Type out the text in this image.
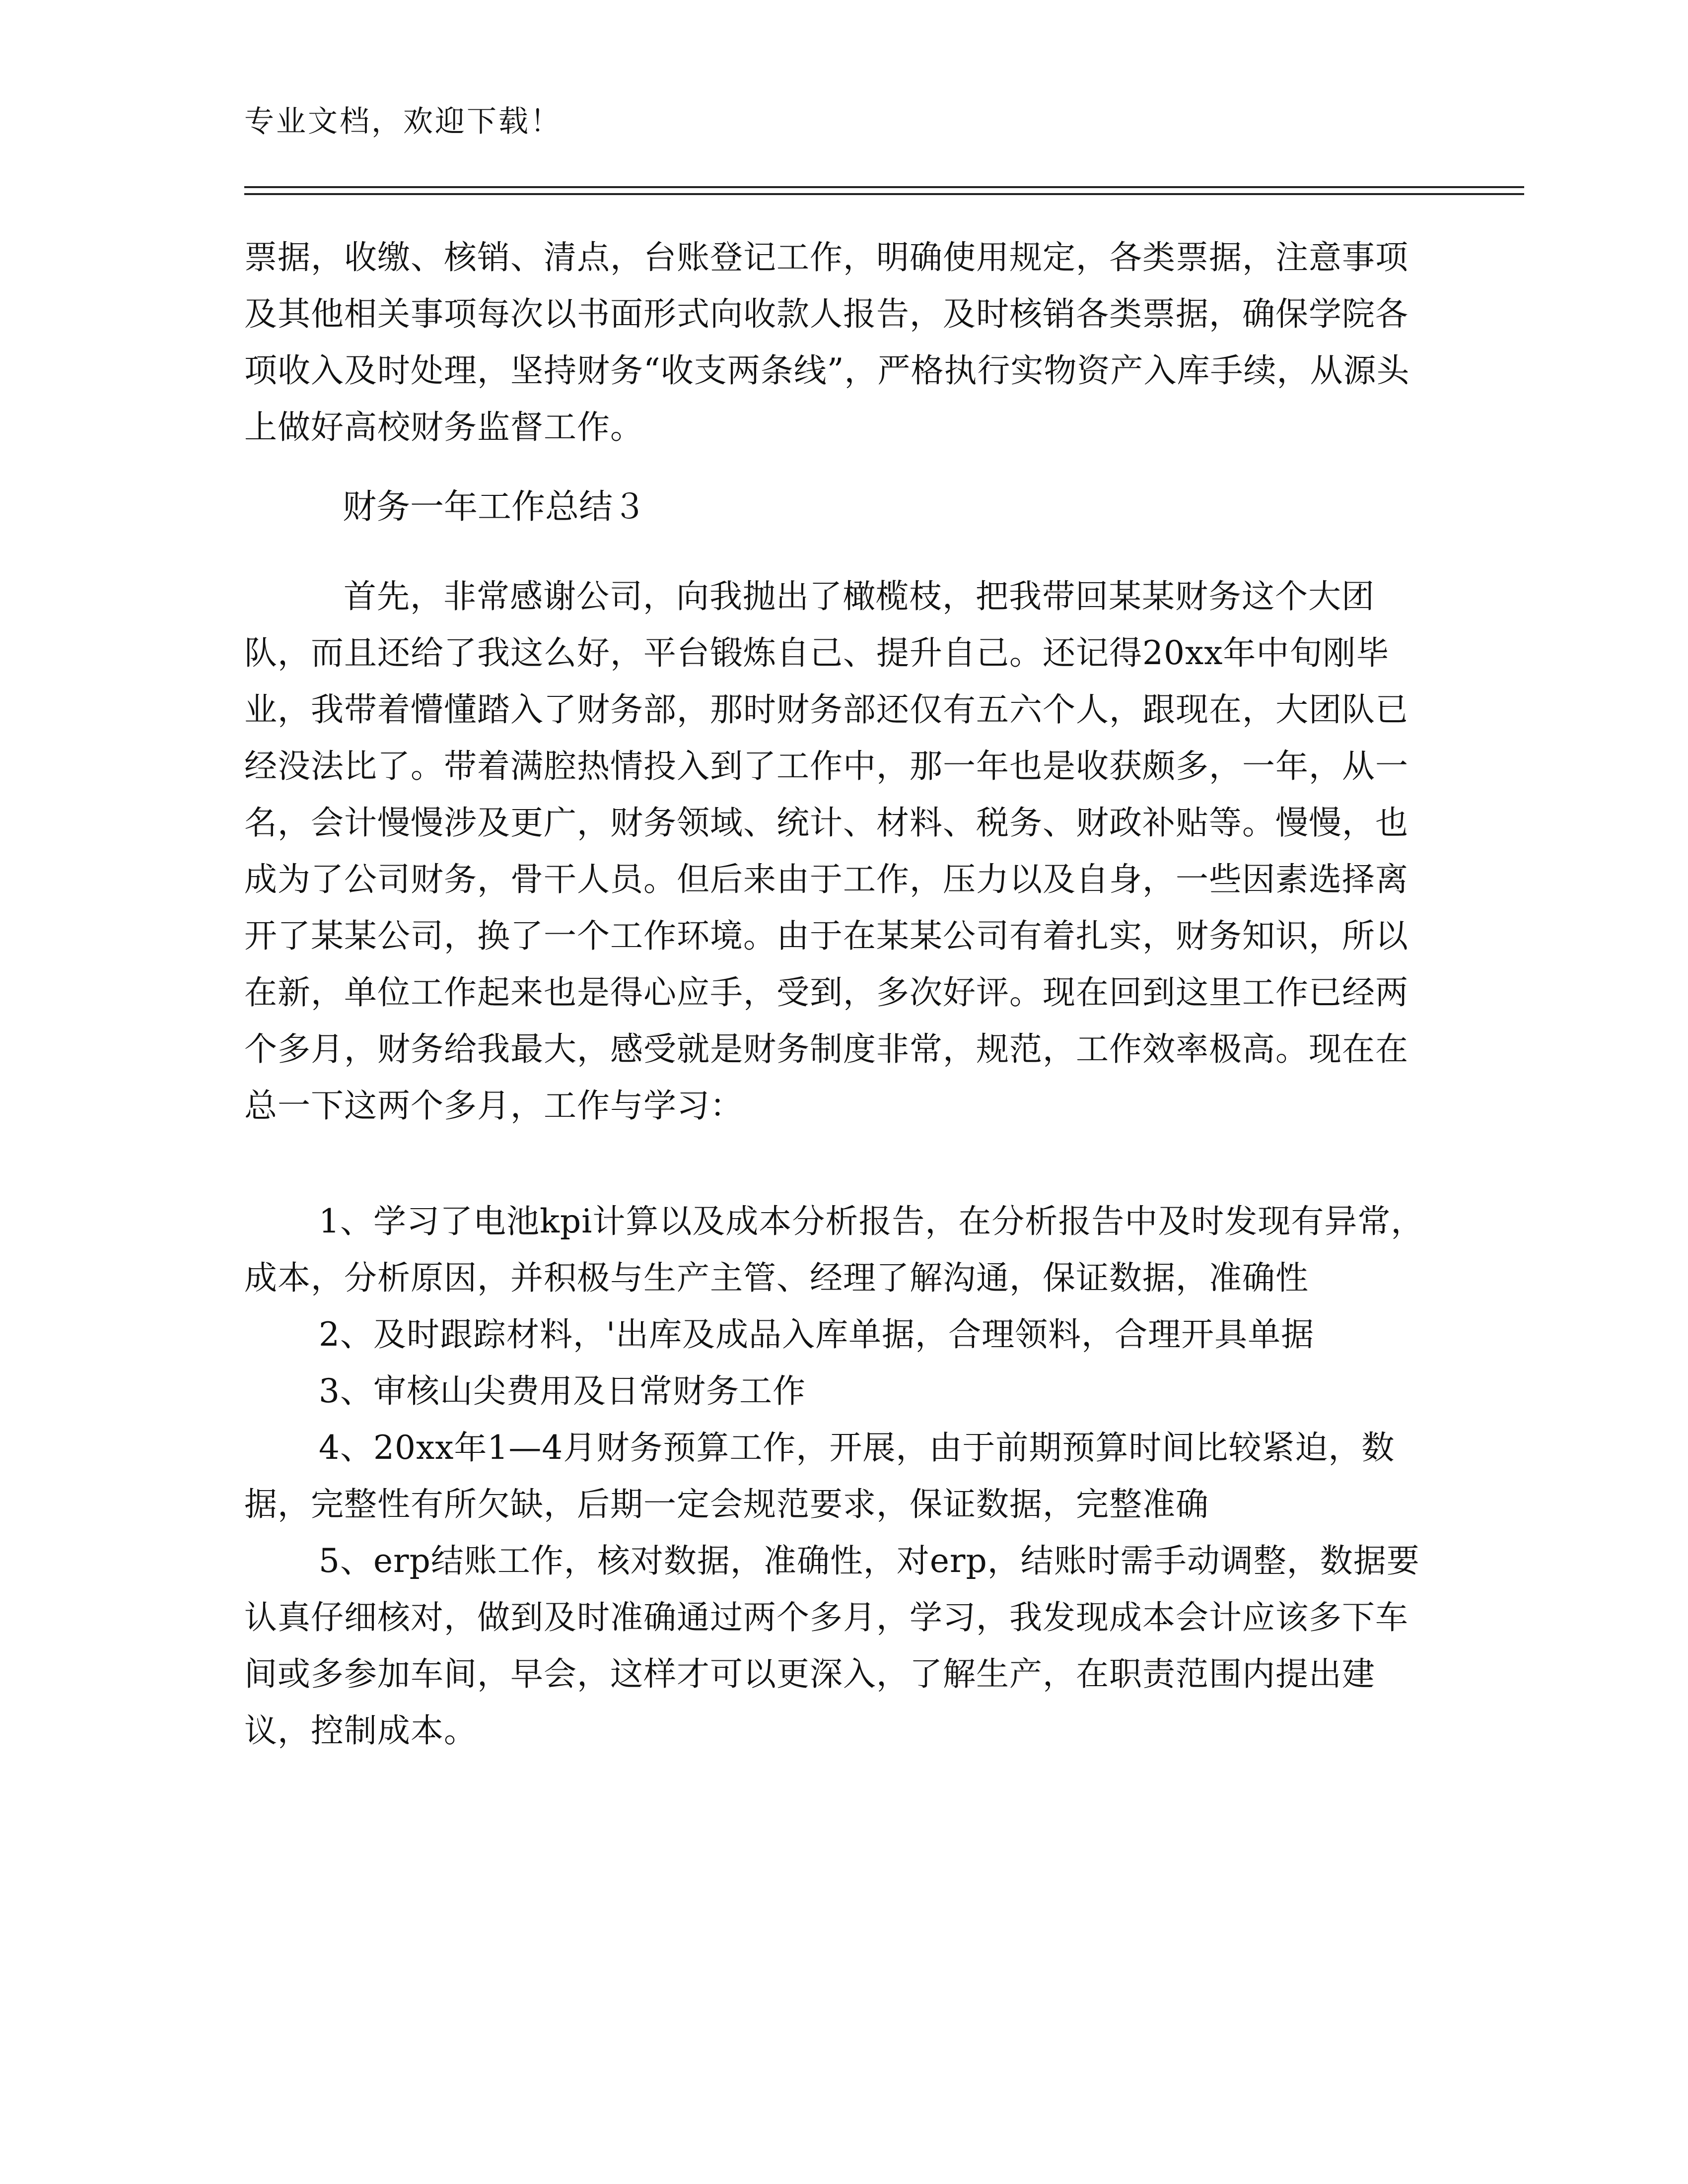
专业文档，欢迎下载！

票据，收缴、核销、清点，台账登记工作，明确使用规定，各类票据，注意事项及其他相关事项每次以书面形式向收款人报告，及时核销各类票据，确保学院各项收入及时处理，坚持财务“收支两条线”，严格执行实物资产入库手续，从源头上做好高校财务监督工作。

财务一年工作总结３

首先，非常感谢公司，向我抛出了橄榄枝，把我带回某某财务这个大团队，而且还给了我这么好，平台锻炼自己、提升自己。还记得20xx年中旬刚毕业，我带着懵懂踏入了财务部，那时财务部还仅有五六个人，跟现在，大团队已经没法比了。带着满腔热情投入到了工作中，那一年也是收获颇多，一年，从一名，会计慢慢涉及更广，财务领域、统计、材料、税务、财政补贴等。慢慢，也成为了公司财务，骨干人员。但后来由于工作，压力以及自身，一些因素选择离开了某某公司，换了一个工作环境。由于在某某公司有着扎实，财务知识，所以在新，单位工作起来也是得心应手，受到，多次好评。现在回到这里工作已经两个多月，财务给我最大，感受就是财务制度非常，规范，工作效率极高。现在在总一下这两个多月，工作与学习：

1、学习了电池kpi计算以及成本分析报告，在分析报告中及时发现有异常，成本，分析原因，并积极与生产主管、经理了解沟通，保证数据，准确性

2、及时跟踪材料，'出库及成品入库单据，合理领料，合理开具单据

3、审核山尖费用及日常财务工作

4、20xx年1—4月财务预算工作，开展，由于前期预算时间比较紧迫，数据，完整性有所欠缺，后期一定会规范要求，保证数据，完整准确

5、erp结账工作，核对数据，准确性，对erp，结账时需手动调整，数据要认真仔细核对，做到及时准确通过两个多月，学习，我发现成本会计应该多下车间或多参加车间，早会，这样才可以更深入，了解生产，在职责范围内提出建议，控制成本。
